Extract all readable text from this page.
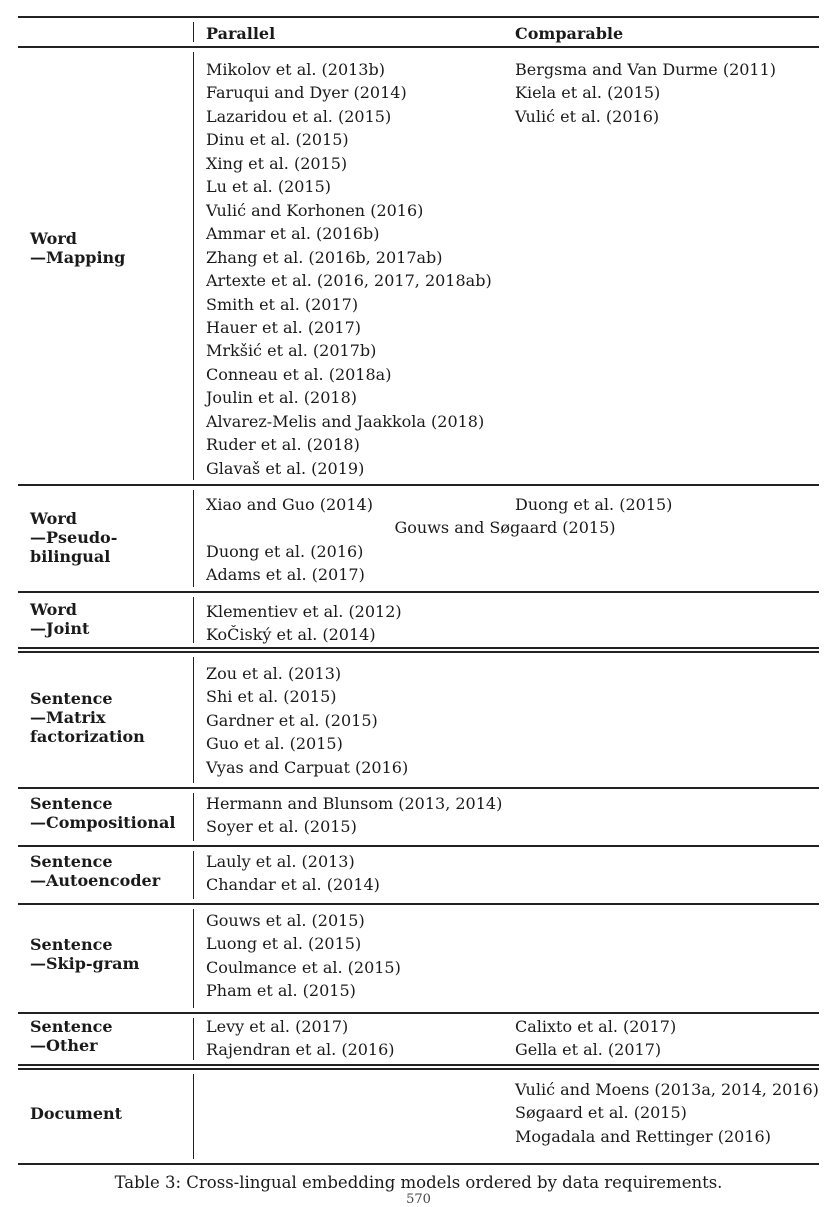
Parallel	Comparable
Word
—Mapping
Mikolov et al. (2013b)
Faruqui and Dyer (2014)
Lazaridou et al. (2015)
Dinu et al. (2015)
Xing et al. (2015)
Lu et al. (2015)
Vulić and Korhonen (2016)
Ammar et al. (2016b)
Zhang et al. (2016b, 2017ab)
Artexte et al. (2016, 2017, 2018ab)
Smith et al. (2017)
Hauer et al. (2017)
Mrkšić et al. (2017b)
Conneau et al. (2018a)
Joulin et al. (2018)
Alvarez-Melis and Jaakkola (2018)
Ruder et al. (2018)
Glavaš et al. (2019)
Bergsma and Van Durme (2011)
Kiela et al. (2015)
Vulić et al. (2016)
Word
—Pseudo-
bilingual
Xiao and Guo (2014)
Duong et al. (2016)
Adams et al. (2017)
Duong et al. (2015)
Gouws and Søgaard (2015)
Word
—Joint
Klementiev et al. (2012)
KoČiský et al. (2014)
Sentence
—Matrix
factorization
Zou et al. (2013)
Shi et al. (2015)
Gardner et al. (2015)
Guo et al. (2015)
Vyas and Carpuat (2016)
Sentence
—Compositional
Hermann and Blunsom (2013, 2014)
Soyer et al. (2015)
Sentence
—Autoencoder
Lauly et al. (2013)
Chandar et al. (2014)
Sentence
—Skip-gram
Gouws et al. (2015)
Luong et al. (2015)
Coulmance et al. (2015)
Pham et al. (2015)
Sentence
—Other
Levy et al. (2017)
Rajendran et al. (2016)
Calixto et al. (2017)
Gella et al. (2017)
Document
Vulić and Moens (2013a, 2014, 2016)
Søgaard et al. (2015)
Mogadala and Rettinger (2016)
Table 3: Cross-lingual embedding models ordered by data requirements.
570
